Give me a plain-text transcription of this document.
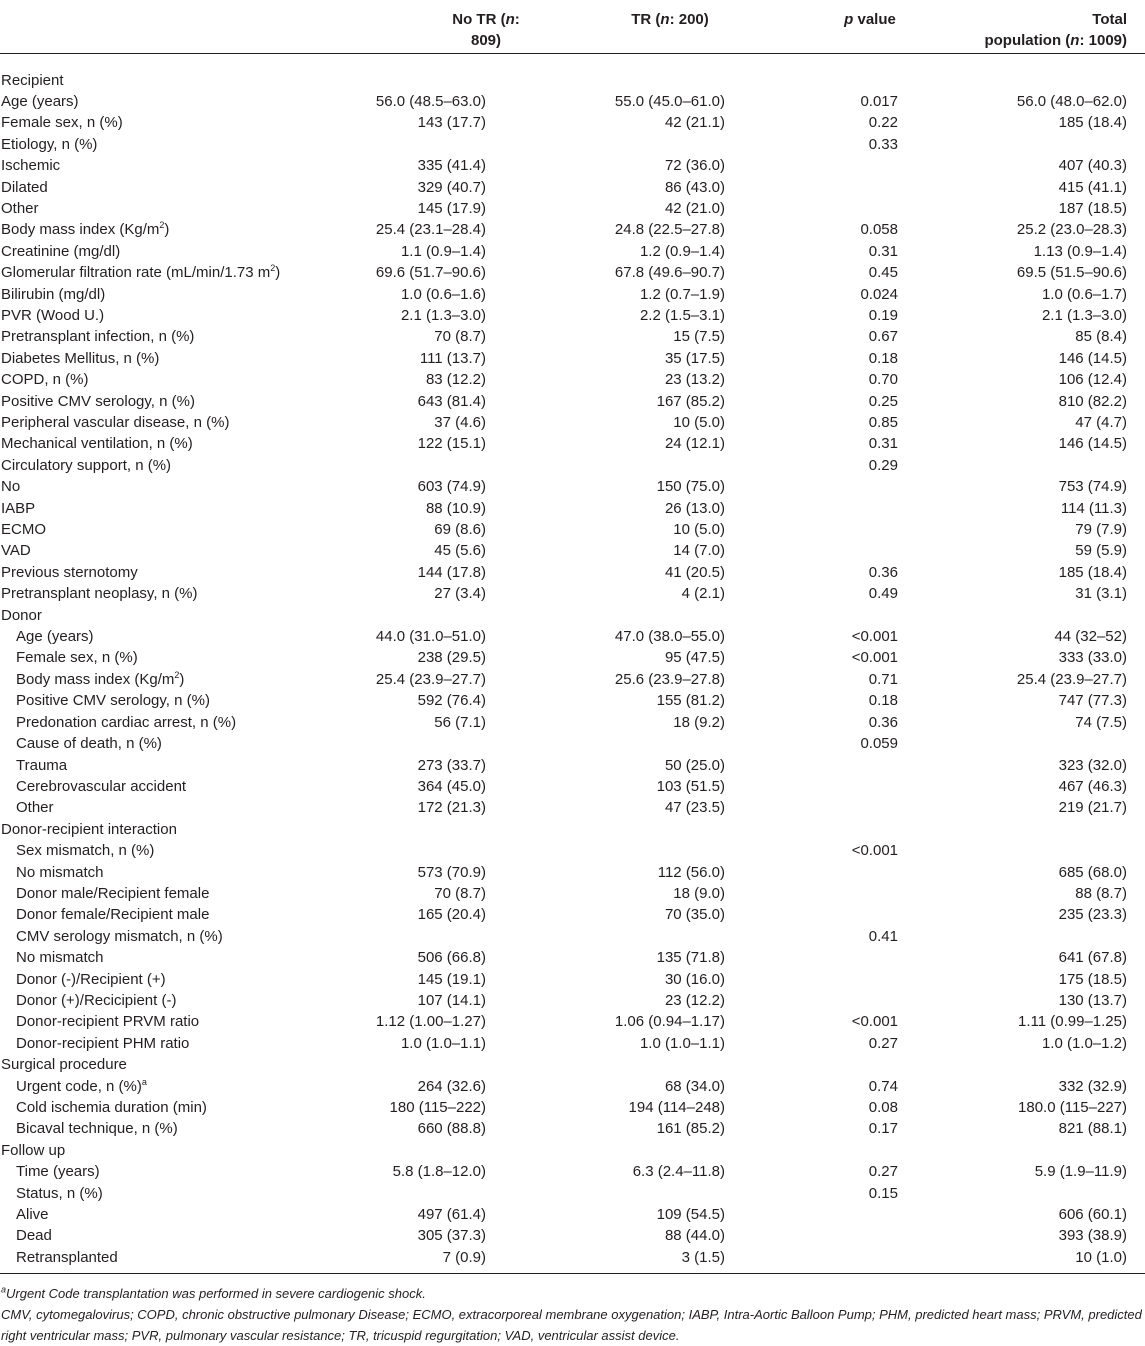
	No TR (n: 809)	TR (n: 200)	p value	Total
population (n: 1009)
Recipient				
Age (years)	56.0 (48.5–63.0)	55.0 (45.0–61.0)	0.017	56.0 (48.0–62.0)
Female sex, n (%)	143 (17.7)	42 (21.1)	0.22	185 (18.4)
Etiology, n (%)			0.33	
Ischemic	335 (41.4)	72 (36.0)		407 (40.3)
Dilated	329 (40.7)	86 (43.0)		415 (41.1)
Other	145 (17.9)	42 (21.0)		187 (18.5)
Body mass index $(Kg/m^2)$	25.4 (23.1–28.4)	24.8 (22.5–27.8)	0.058	25.2 (23.0–28.3)
Creatinine (mg/dl)	1.1 (0.9–1.4)	1.2 (0.9–1.4)	0.31	1.13 (0.9–1.4)
Glomerular filtration rate (mL/min/1.73 $m^2$)	69.6 (51.7–90.6)	67.8 (49.6–90.7)	0.45	69.5 (51.5–90.6)
Bilirubin (mg/dl)	1.0 (0.6–1.6)	1.2 (0.7–1.9)	0.024	1.0 (0.6–1.7)
PVR (Wood U.)	2.1 (1.3–3.0)	2.2 (1.5–3.1)	0.19	2.1 (1.3–3.0)
Pretransplant infection, n (%)	70 (8.7)	15 (7.5)	0.67	85 (8.4)
Diabetes Mellitus, n (%)	111 (13.7)	35 (17.5)	0.18	146 (14.5)
COPD, n (%)	83 (12.2)	23 (13.2)	0.70	106 (12.4)
Positive CMV serology, n (%)	643 (81.4)	167 (85.2)	0.25	810 (82.2)
Peripheral vascular disease, n (%)	37 (4.6)	10 (5.0)	0.85	47 (4.7)
Mechanical ventilation, n (%)	122 (15.1)	24 (12.1)	0.31	146 (14.5)
Circulatory support, n (%)			0.29	
No	603 (74.9)	150 (75.0)		753 (74.9)
IABP	88 (10.9)	26 (13.0)		114 (11.3)
ECMO	69 (8.6)	10 (5.0)		79 (7.9)
VAD	45 (5.6)	14 (7.0)		59 (5.9)
Previous sternotomy	144 (17.8)	41 (20.5)	0.36	185 (18.4)
Pretransplant neoplasy, n (%)	27 (3.4)	4 (2.1)	0.49	31 (3.1)
Donor				
Age (years)	44.0 (31.0–51.0)	47.0 (38.0–55.0)	<0.001	44 (32–52)
Female sex, n (%)	238 (29.5)	95 (47.5)	<0.001	333 (33.0)
Body mass index $(Kg/m^2)$	25.4 (23.9–27.7)	25.6 (23.9–27.8)	0.71	25.4 (23.9–27.7)
Positive CMV serology, n (%)	592 (76.4)	155 (81.2)	0.18	747 (77.3)
Predonation cardiac arrest, n (%)	56 (7.1)	18 (9.2)	0.36	74 (7.5)
Cause of death, n (%)			0.059	
Trauma	273 (33.7)	50 (25.0)		323 (32.0)
Cerebrovascular accident	364 (45.0)	103 (51.5)		467 (46.3)
Other	172 (21.3)	47 (23.5)		219 (21.7)
Donor-recipient interaction				
Sex mismatch, n (%)			<0.001	
No mismatch	573 (70.9)	112 (56.0)		685 (68.0)
Donor male/Recipient female	70 (8.7)	18 (9.0)		88 (8.7)
Donor female/Recipient male	165 (20.4)	70 (35.0)		235 (23.3)
CMV serology mismatch, n (%)			0.41	
No mismatch	506 (66.8)	135 (71.8)		641 (67.8)
Donor (-)/Recipient (+)	145 (19.1)	30 (16.0)		175 (18.5)
Donor (+)/Recicipient (-)	107 (14.1)	23 (12.2)		130 (13.7)
Donor-recipient PRVM ratio	1.12 (1.00–1.27)	1.06 (0.94–1.17)	<0.001	1.11 (0.99–1.25)
Donor-recipient PHM ratio	1.0 (1.0–1.1)	1.0 (1.0–1.1)	0.27	1.0 (1.0–1.2)
Surgical procedure				
Urgent code, n (%)$^a$	264 (32.6)	68 (34.0)	0.74	332 (32.9)
Cold ischemia duration (min)	180 (115–222)	194 (114–248)	0.08	180.0 (115–227)
Bicaval technique, n (%)	660 (88.8)	161 (85.2)	0.17	821 (88.1)
Follow up				
Time (years)	5.8 (1.8–12.0)	6.3 (2.4–11.8)	0.27	5.9 (1.9–11.9)
Status, n (%)			0.15	
Alive	497 (61.4)	109 (54.5)		606 (60.1)
Dead	305 (37.3)	88 (44.0)		393 (38.9)
Retransplanted	7 (0.9)	3 (1.5)		10 (1.0)
$^a$Urgent Code transplantation was performed in severe cardiogenic shock.
CMV, cytomegalovirus; COPD, chronic obstructive pulmonary Disease; ECMO, extracorporeal membrane oxygenation; IABP, Intra-Aortic Balloon Pump; PHM, predicted heart mass; PRVM, predicted right ventricular mass; PVR, pulmonary vascular resistance; TR, tricuspid regurgitation; VAD, ventricular assist device.
